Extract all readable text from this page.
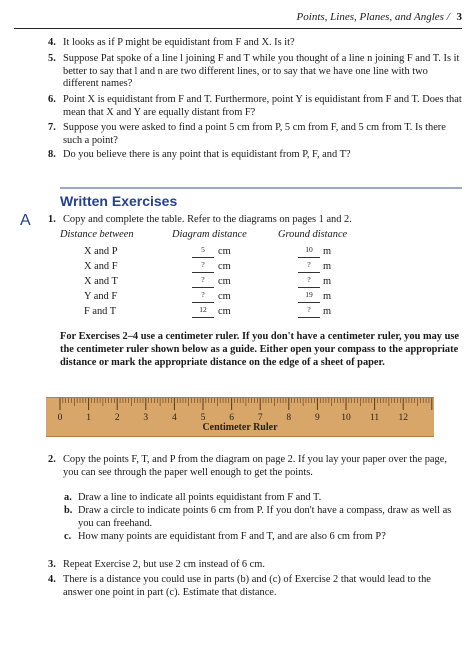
Points, Lines, Planes, and Angles / 3
4. It looks as if P might be equidistant from F and X. Is it?
5. Suppose Pat spoke of a line l joining F and T while you thought of a line n joining F and T. Is it better to say that l and n are two different lines, or to say that we have one line with two different names?
6. Point X is equidistant from F and T. Furthermore, point Y is equidistant from F and T. Does that mean that X and Y are equally distant from F?
7. Suppose you were asked to find a point 5 cm from P, 5 cm from F, and 5 cm from T. Is there such a point?
8. Do you believe there is any point that is equidistant from P, F, and T?
Written Exercises
A 1. Copy and complete the table. Refer to the diagrams on pages 1 and 2.
Distance between	Diagram distance	Ground distance
X and P	5	cm	10 m
X and F	?	cm	?	m
X and T	?	cm	?	m
Y and F	?	cm	19 m
F and T	12	cm	?	m
For Exercises 2–4 use a centimeter ruler. If you don't have a centimeter ruler, you may use the centimeter ruler shown below as a guide. Either open your compass to the appropriate distance or mark the appropriate distance on the edge of a sheet of paper.
0	1	2	3	4	5	6	7	8	9 10 11 12
Centimeter Ruler
2. Copy the points F, T, and P from the diagram on page 2. If you lay your paper over the page, you can see through the paper well enough to get the points.
a. Draw a line to indicate all points equidistant from F and T.
b. Draw a circle to indicate points 6 cm from P. If you don't have a compass, draw as well as you can freehand.
c. How many points are equidistant from F and T, and are also 6 cm from P?
3. Repeat Exercise 2, but use 2 cm instead of 6 cm.
4. There is a distance you could use in parts (b) and (c) of Exercise 2 that would lead to the answer one point in part (c). Estimate that distance.
